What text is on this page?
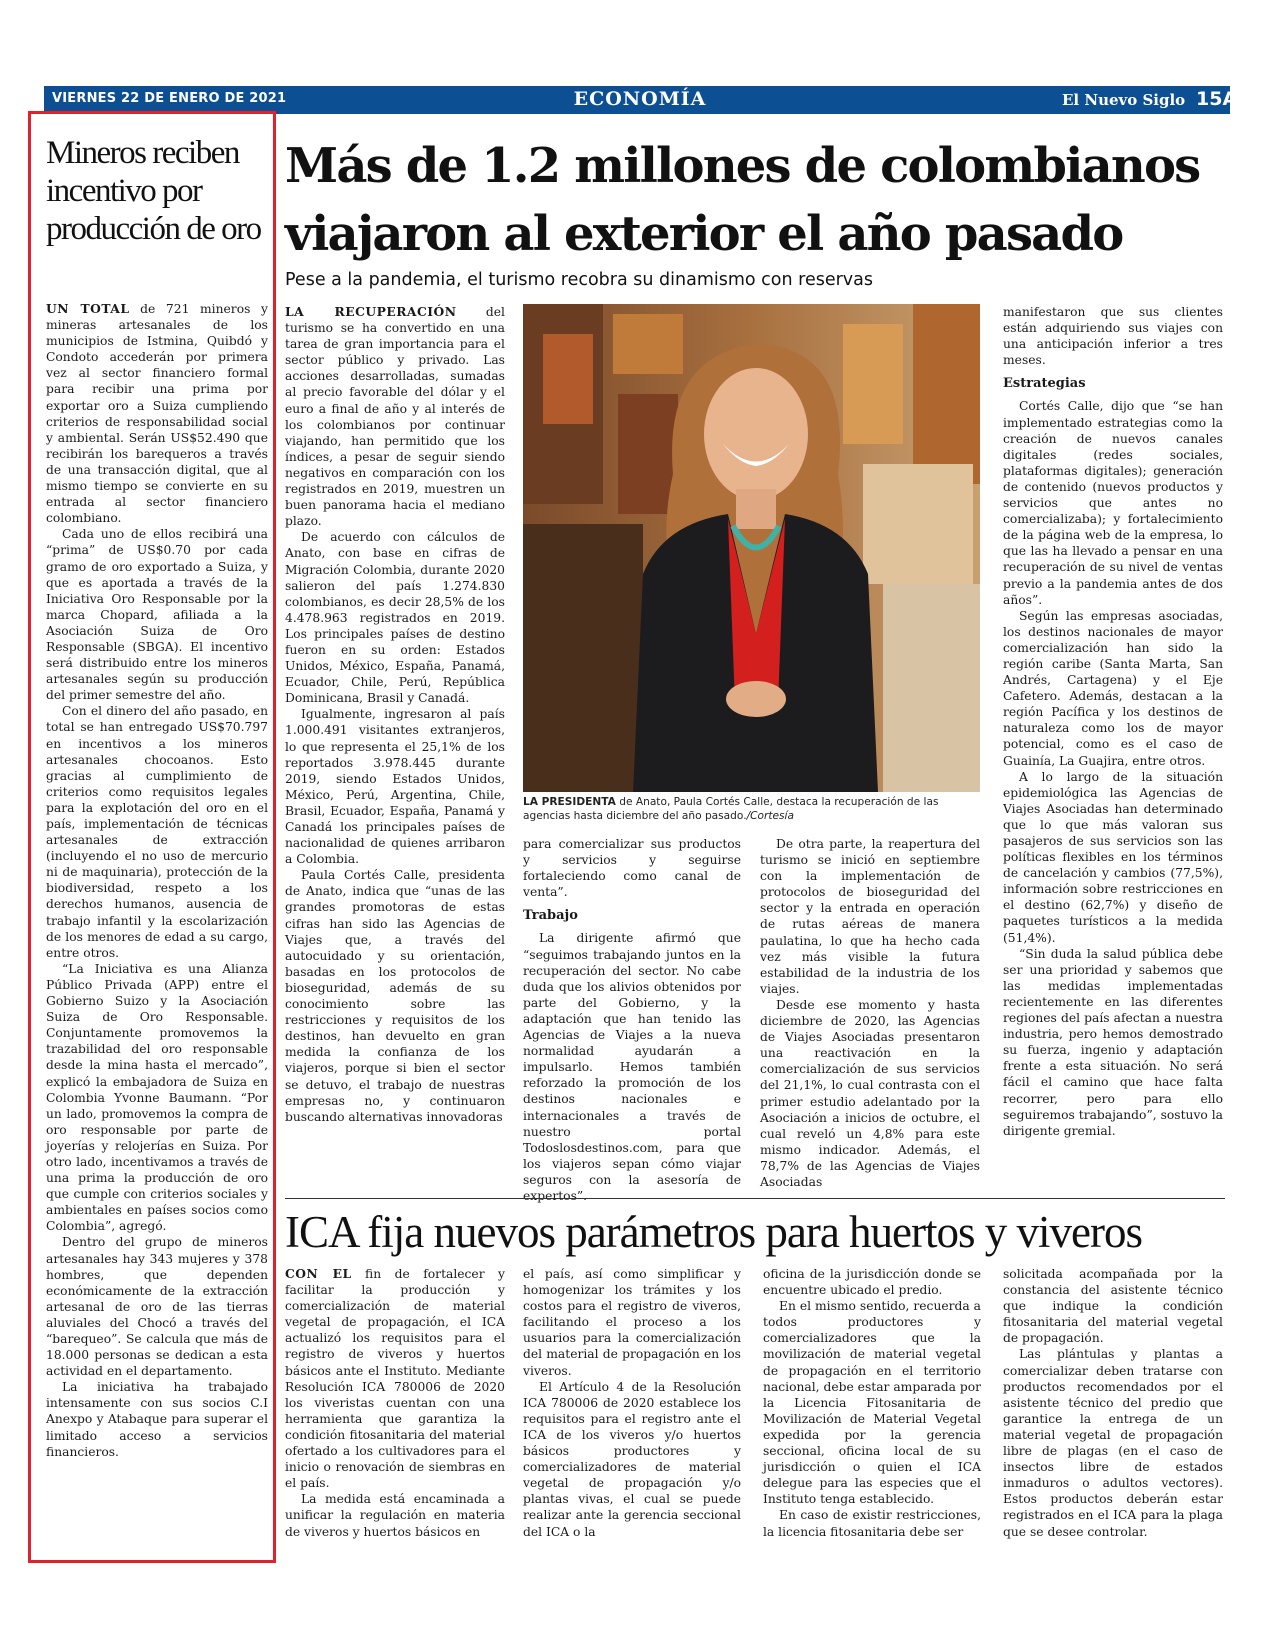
VIERNES 22 DE ENERO DE 2021	ECONOMÍA	El Nuevo Siglo 15A
Mineros reciben incentivo por producción de oro

UN TOTAL de 721 mineros y mineras artesanales de los municipios de Istmina, Quibdó y Condoto accederán por primera vez al sector financiero formal para recibir una prima por exportar oro a Suiza cumpliendo criterios de responsabilidad social y ambiental. Serán US$52.490 que recibirán los barequeros a través de una transacción digital, que al mismo tiempo se convierte en su entrada al sector financiero colombiano.

Cada uno de ellos recibirá una “prima” de US$0.70 por cada gramo de oro exportado a Suiza, y que es aportada a través de la Iniciativa Oro Responsable por la marca Chopard, afiliada a la Asociación Suiza de Oro Responsable (SBGA). El incentivo será distribuido entre los mineros artesanales según su producción del primer semestre del año.

Con el dinero del año pasado, en total se han entregado US$70.797 en incentivos a los mineros artesanales chocoanos. Esto gracias al cumplimiento de criterios como requisitos legales para la explotación del oro en el país, implementación de técnicas artesanales de extracción (incluyendo el no uso de mercurio ni de maquinaria), protección de la biodiversidad, respeto a los derechos humanos, ausencia de trabajo infantil y la escolarización de los menores de edad a su cargo, entre otros.

“La Iniciativa es una Alianza Público Privada (APP) entre el Gobierno Suizo y la Asociación Suiza de Oro Responsable. Conjuntamente promovemos la trazabilidad del oro responsable desde la mina hasta el mercado”, explicó la embajadora de Suiza en Colombia Yvonne Baumann. “Por un lado, promovemos la compra de oro responsable por parte de joyerías y relojerías en Suiza. Por otro lado, incentivamos a través de una prima la producción de oro que cumple con criterios sociales y ambientales en países socios como Colombia”, agregó.

Dentro del grupo de mineros artesanales hay 343 mujeres y 378 hombres, que dependen económicamente de la extracción artesanal de oro de las tierras aluviales del Chocó a través del “barequeo”. Se calcula que más de 18.000 personas se dedican a esta actividad en el departamento.

La iniciativa ha trabajado intensamente con sus socios C.I Anexpo y Atabaque para superar el limitado acceso a servicios financieros.

Más de 1.2 millones de colombianos viajaron al exterior el año pasado
Pese a la pandemia, el turismo recobra su dinamismo con reservas

LA RECUPERACIÓN del turismo se ha convertido en una tarea de gran importancia para el sector público y privado. Las acciones desarrolladas, sumadas al precio favorable del dólar y el euro a final de año y al interés de los colombianos por continuar viajando, han permitido que los índices, a pesar de seguir siendo negativos en comparación con los registrados en 2019, muestren un buen panorama hacia el mediano plazo.

De acuerdo con cálculos de Anato, con base en cifras de Migración Colombia, durante 2020 salieron del país 1.274.830 colombianos, es decir 28,5% de los 4.478.963 registrados en 2019. Los principales países de destino fueron en su orden: Estados Unidos, México, España, Panamá, Ecuador, Chile, Perú, República Dominicana, Brasil y Canadá.

Igualmente, ingresaron al país 1.000.491 visitantes extranjeros, lo que representa el 25,1% de los reportados 3.978.445 durante 2019, siendo Estados Unidos, México, Perú, Argentina, Chile, Brasil, Ecuador, España, Panamá y Canadá los principales países de nacionalidad de quienes arribaron a Colombia.

Paula Cortés Calle, presidenta de Anato, indica que “unas de las grandes promotoras de estas cifras han sido las Agencias de Viajes que, a través del autocuidado y su orientación, basadas en los protocolos de bioseguridad, además de su conocimiento sobre las restricciones y requisitos de los destinos, han devuelto en gran medida la confianza de los viajeros, porque si bien el sector se detuvo, el trabajo de nuestras empresas no, y continuaron buscando alternativas innovadoras

LA PRESIDENTA de Anato, Paula Cortés Calle, destaca la recuperación de las agencias hasta diciembre del año pasado./Cortesía

para comercializar sus productos y servicios y seguirse fortaleciendo como canal de venta”.

Trabajo

La dirigente afirmó que “seguimos trabajando juntos en la recuperación del sector. No cabe duda que los alivios obtenidos por parte del Gobierno, y la adaptación que han tenido las Agencias de Viajes a la nueva normalidad ayudarán a impulsarlo. Hemos también reforzado la promoción de los destinos nacionales e internacionales a través de nuestro portal Todoslosdestinos.com, para que los viajeros sepan cómo viajar seguros con la asesoría de expertos”.

De otra parte, la reapertura del turismo se inició en septiembre con la implementación de protocolos de bioseguridad del sector y la entrada en operación de rutas aéreas de manera paulatina, lo que ha hecho cada vez más visible la futura estabilidad de la industria de los viajes.

Desde ese momento y hasta diciembre de 2020, las Agencias de Viajes Asociadas presentaron una reactivación en la comercialización de sus servicios del 21,1%, lo cual contrasta con el primer estudio adelantado por la Asociación a inicios de octubre, el cual reveló un 4,8% para este mismo indicador. Además, el 78,7% de las Agencias de Viajes Asociadas

manifestaron que sus clientes están adquiriendo sus viajes con una anticipación inferior a tres meses.

Estrategias

Cortés Calle, dijo que “se han implementado estrategias como la creación de nuevos canales digitales (redes sociales, plataformas digitales); generación de contenido (nuevos productos y servicios que antes no comercializaba); y fortalecimiento de la página web de la empresa, lo que las ha llevado a pensar en una recuperación de su nivel de ventas previo a la pandemia antes de dos años”.

Según las empresas asociadas, los destinos nacionales de mayor comercialización han sido la región caribe (Santa Marta, San Andrés, Cartagena) y el Eje Cafetero. Además, destacan a la región Pacífica y los destinos de naturaleza como los de mayor potencial, como es el caso de Guainía, La Guajira, entre otros.

A lo largo de la situación epidemiológica las Agencias de Viajes Asociadas han determinado que lo que más valoran sus pasajeros de sus servicios son las políticas flexibles en los términos de cancelación y cambios (77,5%), información sobre restricciones en el destino (62,7%) y diseño de paquetes turísticos a la medida (51,4%).

“Sin duda la salud pública debe ser una prioridad y sabemos que las medidas implementadas recientemente en las diferentes regiones del país afectan a nuestra industria, pero hemos demostrado su fuerza, ingenio y adaptación frente a esta situación. No será fácil el camino que hace falta recorrer, pero para ello seguiremos trabajando”, sostuvo la dirigente gremial.

ICA fija nuevos parámetros para huertos y viveros

CON EL fin de fortalecer y facilitar la producción y comercialización de material vegetal de propagación, el ICA actualizó los requisitos para el registro de viveros y huertos básicos ante el Instituto. Mediante Resolución ICA 780006 de 2020 los viveristas cuentan con una herramienta que garantiza la condición fitosanitaria del material ofertado a los cultivadores para el inicio o renovación de siembras en el país.

La medida está encaminada a unificar la regulación en materia de viveros y huertos básicos en

el país, así como simplificar y homogenizar los trámites y los costos para el registro de viveros, facilitando el proceso a los usuarios para la comercialización del material de propagación en los viveros.

El Artículo 4 de la Resolución ICA 780006 de 2020 establece los requisitos para el registro ante el ICA de los viveros y/o huertos básicos productores y comercializadores de material vegetal de propagación y/o plantas vivas, el cual se puede realizar ante la gerencia seccional del ICA o la

oficina de la jurisdicción donde se encuentre ubicado el predio.

En el mismo sentido, recuerda a todos productores y comercializadores que la movilización de material vegetal de propagación en el territorio nacional, debe estar amparada por la Licencia Fitosanitaria de Movilización de Material Vegetal expedida por la gerencia seccional, oficina local de su jurisdicción o quien el ICA delegue para las especies que el Instituto tenga establecido.

En caso de existir restricciones, la licencia fitosanitaria debe ser

solicitada acompañada por la constancia del asistente técnico que indique la condición fitosanitaria del material vegetal de propagación.

Las plántulas y plantas a comercializar deben tratarse con productos recomendados por el asistente técnico del predio que garantice la entrega de un material vegetal de propagación libre de plagas (en el caso de insectos libre de estados inmaduros o adultos vectores). Estos productos deberán estar registrados en el ICA para la plaga que se desee controlar.
